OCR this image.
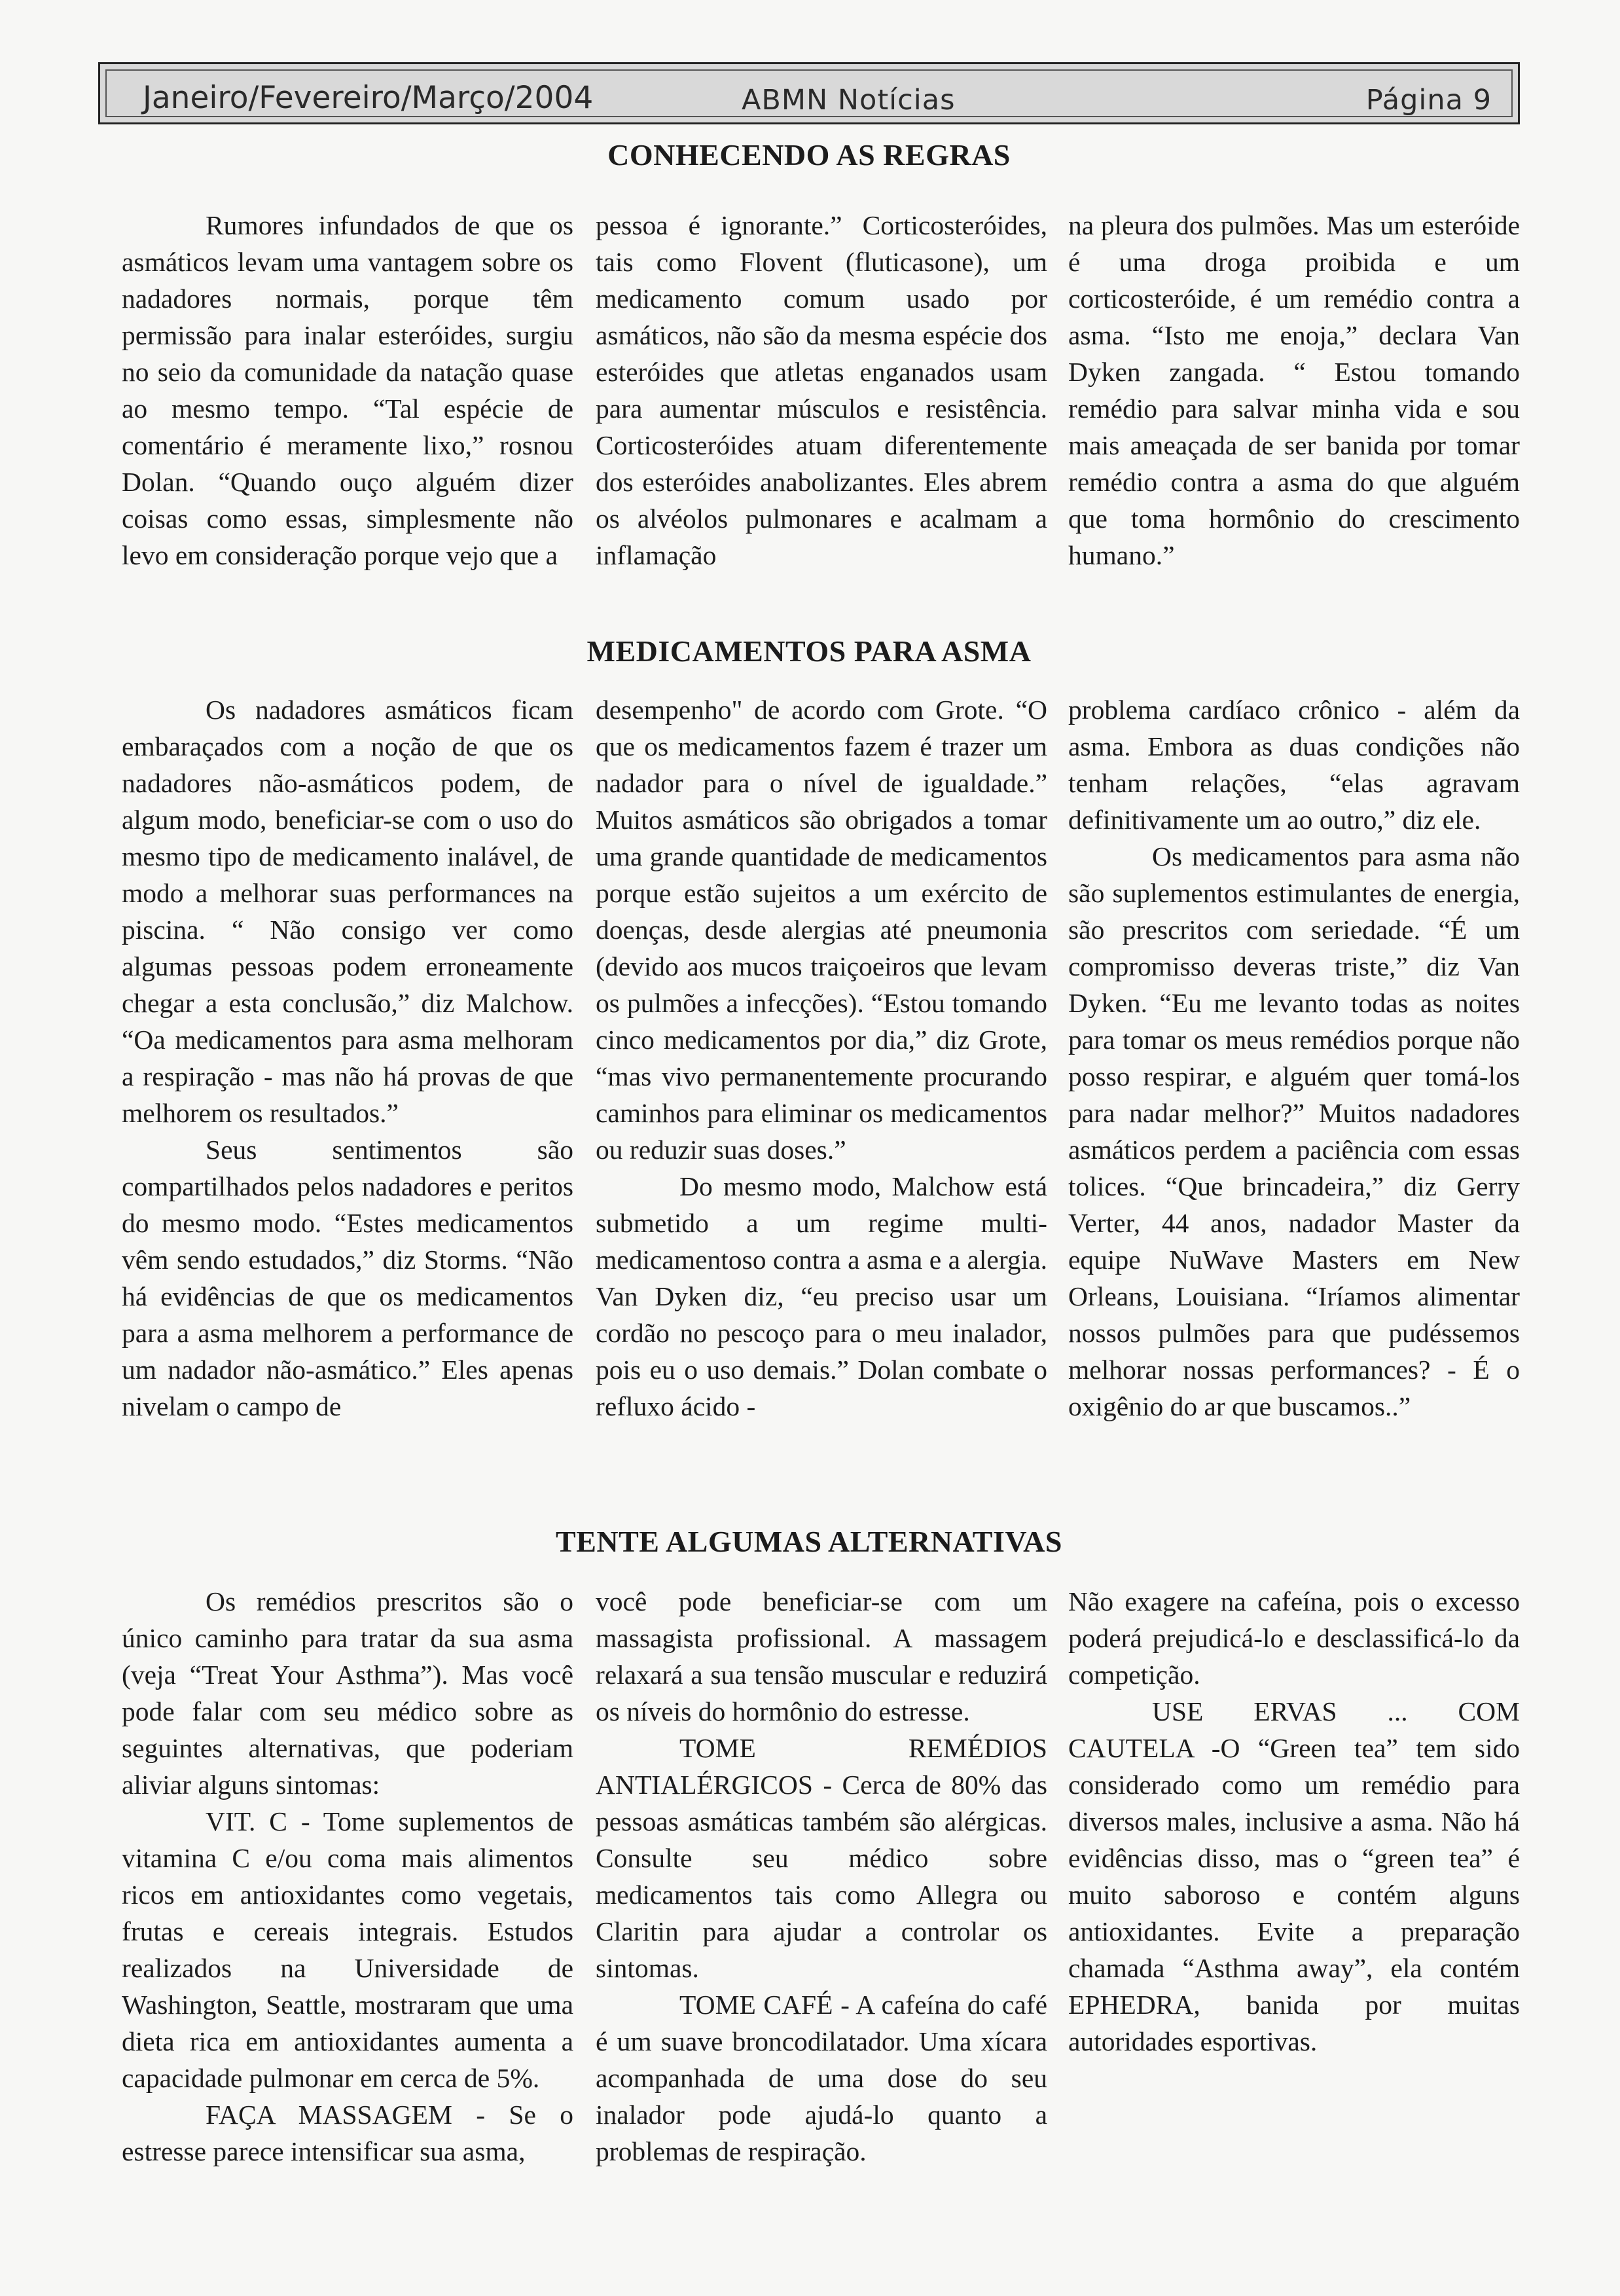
Janeiro/Fevereiro/Março/2004	ABMN Notícias	Página 9
CONHECENDO AS REGRAS

Rumores infundados de que os asmáticos levam uma vantagem sobre os nadadores normais, porque têm permissão para inalar esteróides, surgiu no seio da comunidade da natação quase ao mesmo tempo. “Tal espécie de comentário é meramente lixo,” rosnou Dolan. “Quando ouço alguém dizer coisas como essas, simplesmente não levo em consideração porque vejo que a

pessoa é ignorante.” Corticosteróides, tais como Flovent (fluticasone), um medicamento comum usado por asmáticos, não são da mesma espécie dos esteróides que atletas enganados usam para aumentar músculos e resistência. Corticosteróides atuam diferentemente dos esteróides anabolizantes. Eles abrem os alvéolos pulmonares e acalmam a inflamação

na pleura dos pulmões. Mas um esteróide é uma droga proibida e um corticosteróide, é um remédio contra a asma. “Isto me enoja,” declara Van Dyken zangada. “ Estou tomando remédio para salvar minha vida e sou mais ameaçada de ser banida por tomar remédio contra a asma do que alguém que toma hormônio do crescimento humano.”

MEDICAMENTOS PARA ASMA

Os nadadores asmáticos ficam embaraçados com a noção de que os nadadores não-asmáticos podem, de algum modo, beneficiar-se com o uso do mesmo tipo de medicamento inalável, de modo a melhorar suas performances na piscina. “ Não consigo ver como algumas pessoas podem erroneamente chegar a esta conclusão,” diz Malchow. “Oa medicamentos para asma melhoram a respiração - mas não há provas de que melhorem os resultados.”

Seus sentimentos são compartilhados pelos nadadores e peritos do mesmo modo. “Estes medicamentos vêm sendo estudados,” diz Storms. “Não há evidências de que os medicamentos para a asma melhorem a performance de um nadador não-asmático.” Eles apenas nivelam o campo de

desempenho" de acordo com Grote. “O que os medicamentos fazem é trazer um nadador para o nível de igualdade.” Muitos asmáticos são obrigados a tomar uma grande quantidade de medicamentos porque estão sujeitos a um exército de doenças, desde alergias até pneumonia (devido aos mucos traiçoeiros que levam os pulmões a infecções). “Estou tomando cinco medicamentos por dia,” diz Grote, “mas vivo permanentemente procurando caminhos para eliminar os medicamentos ou reduzir suas doses.”

Do mesmo modo, Malchow está submetido a um regime multi-medicamentoso contra a asma e a alergia. Van Dyken diz, “eu preciso usar um cordão no pescoço para o meu inalador, pois eu o uso demais.” Dolan combate o refluxo ácido -

problema cardíaco crônico - além da asma. Embora as duas condições não tenham relações, “elas agravam definitivamente um ao outro,” diz ele.

Os medicamentos para asma não são suplementos estimulantes de energia, são prescritos com seriedade. “É um compromisso deveras triste,” diz Van Dyken. “Eu me levanto todas as noites para tomar os meus remédios porque não posso respirar, e alguém quer tomá-los para nadar melhor?” Muitos nadadores asmáticos perdem a paciência com essas tolices. “Que brincadeira,” diz Gerry Verter, 44 anos, nadador Master da equipe NuWave Masters em New Orleans, Louisiana. “Iríamos alimentar nossos pulmões para que pudéssemos melhorar nossas performances? - É o oxigênio do ar que buscamos..”

TENTE ALGUMAS ALTERNATIVAS

Os remédios prescritos são o único caminho para tratar da sua asma (veja “Treat Your Asthma”). Mas você pode falar com seu médico sobre as seguintes alternativas, que poderiam aliviar alguns sintomas:

VIT. C - Tome suplementos de vitamina C e/ou coma mais alimentos ricos em antioxidantes como vegetais, frutas e cereais integrais. Estudos realizados na Universidade de Washington, Seattle, mostraram que uma dieta rica em antioxidantes aumenta a capacidade pulmonar em cerca de 5%.

FAÇA MASSAGEM - Se o estresse parece intensificar sua asma,

você pode beneficiar-se com um massagista profissional. A massagem relaxará a sua tensão muscular e reduzirá os níveis do hormônio do estresse.

TOME REMÉDIOS ANTIALÉRGICOS - Cerca de 80% das pessoas asmáticas também são alérgicas. Consulte seu médico sobre medicamentos tais como Allegra ou Claritin para ajudar a controlar os sintomas.

TOME CAFÉ - A cafeína do café é um suave broncodilatador. Uma xícara acompanhada de uma dose do seu inalador pode ajudá-lo quanto a problemas de respiração.

Não exagere na cafeína, pois o excesso poderá prejudicá-lo e desclassificá-lo da competição.

USE ERVAS ... COM CAUTELA -O “Green tea” tem sido considerado como um remédio para diversos males, inclusive a asma. Não há evidências disso, mas o “green tea” é muito saboroso e contém alguns antioxidantes. Evite a preparação chamada “Asthma away”, ela contém EPHEDRA, banida por muitas autoridades esportivas.
